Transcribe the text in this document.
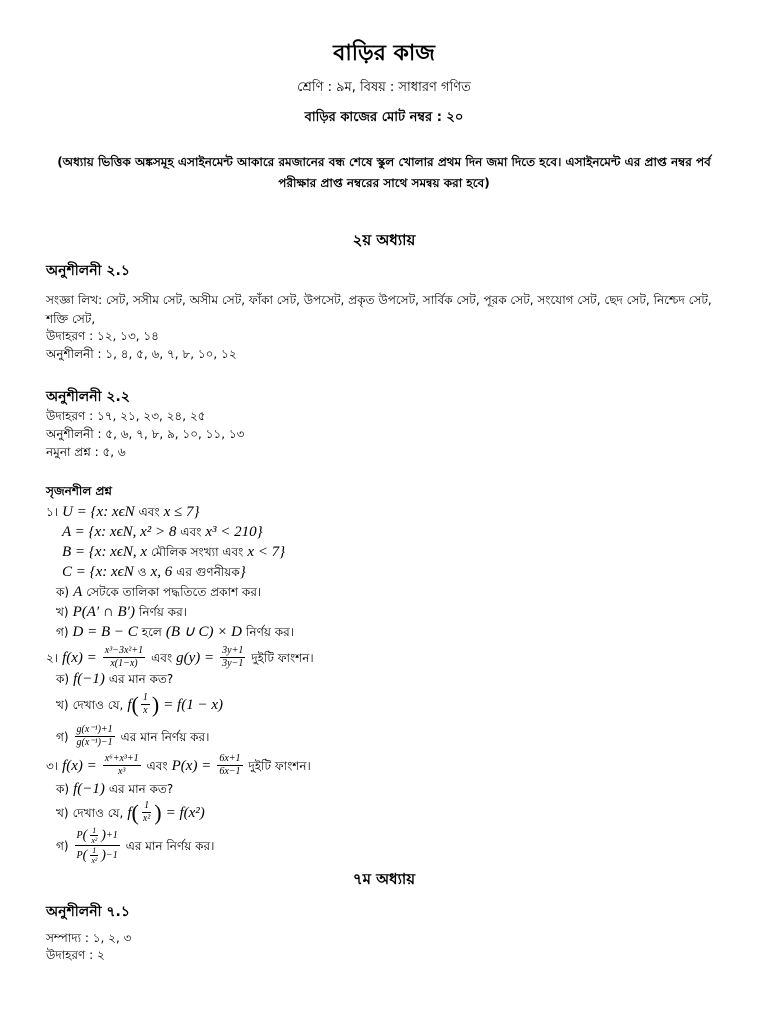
বাড়ির কাজ
শ্রেণি : ৯ম, বিষয় : সাধারণ গণিত
বাড়ির কাজের মোট নম্বর : ২০
(অধ্যায় ভিত্তিক অঙ্কসমূহ এসাইনমেন্ট আকারে রমজানের বন্ধ শেষে স্কুল খোলার প্রথম দিন জমা দিতে হবে। এসাইনমেন্ট এর প্রাপ্ত নম্বর পর্ব পরীক্ষার প্রাপ্ত নম্বরের সাথে সমন্বয় করা হবে)
২য় অধ্যায়
অনুশীলনী ২.১
সংজ্ঞা লিখ: সেট, সসীম সেট, অসীম সেট, ফাঁকা সেট, উপসেট, প্রকৃত উপসেট, সার্বিক সেট, পূরক সেট, সংযোগ সেট, ছেদ সেট, নিশ্চেদ সেট, শক্তি সেট,
উদাহরণ : ১২, ১৩, ১৪
অনুশীলনী : ১, ৪, ৫, ৬, ৭, ৮, ১০, ১২
অনুশীলনী ২.২
উদাহরণ : ১৭, ২১, ২৩, ২৪, ২৫
অনুশীলনী : ৫, ৬, ৭, ৮, ৯, ১০, ১১, ১৩
নমুনা প্রশ্ন : ৫, ৬
সৃজনশীল প্রশ্ন
১। U = {x: xϵN এবং x ≤ 7}
A = {x: xϵN, x² > 8 এবং x³ < 210}
B = {x: xϵN, x মৌলিক সংখ্যা এবং x < 7}
C = {x: xϵN ও x, 6 এর গুণনীয়ক }
ক) A সেটকে তালিকা পদ্ধতিতে প্রকাশ কর।
খ) P(A′ ∩ B′) নির্ণয় কর।
গ) D = B − C হলে (B ∪ C) × D নির্ণয় কর।
২। $f(x) = \frac{\text{x³−3x²+1}}{x(1-x)}$ এবং $g(y) = \frac{3y+1}{3y-1}$ দুইটি ফাংশন।
ক) f(−1) এর মান কত?
খ) দেখাও যে, f ( $\frac{1}{x}$ ) = f(1 − x)
গ) $\frac{\text{g(x⁻¹)+1}}{\text{g(x⁻¹)−1}}$ এর মান নির্ণয় কর।
৩। $f(x) = \frac{\text{x⁶+x³+1}}{\text{x³}}$ এবং $P(x) = \frac{6x+1}{6x-1}$ দুইটি ফাংশন।
ক) f(−1) এর মান কত?
খ) দেখাও যে, f ( $\frac{1}{\text{x²}}$ ) = f(x²)
গ)
P ( $\frac{1}{\text{x²}}$ ) +1
P ( $\frac{1}{\text{x²}}$ ) −1
এর মান নির্ণয় কর।
৭ম অধ্যায়
অনুশীলনী ৭.১
সম্পাদ্য : ১, ২, ৩
উদাহরণ : ২
